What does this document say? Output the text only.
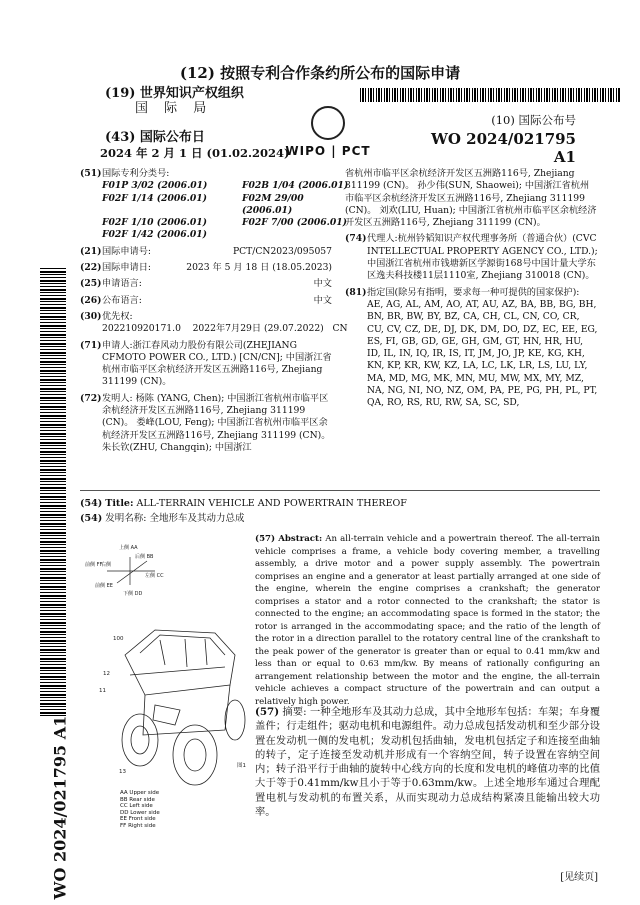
(12) 按照专利合作条约所公布的国际申请
(19) 世界知识产权组织
国 际 局
WIPO | PCT
(43) 国际公布日
2024 年 2 月 1 日 (01.02.2024)
(10) 国际公布号
WO 2024/021795 A1
(51) 国际专利分类号:
F01P 3/02 (2006.01)	F02B 1/04 (2006.01)
F02F 1/14 (2006.01)	F02M 29/00 (2006.01)
F02F 1/10 (2006.01)	F02F 7/00 (2006.01)
F02F 1/42 (2006.01)
(21) 国际申请号:	PCT/CN2023/095057
(22) 国际申请日:	2023 年 5 月 18 日 (18.05.2023)
(25) 申请语言:	中文
(26) 公布语言:	中文
(30) 优先权:
202210920171.0    2022年7月29日 (29.07.2022)   CN
(71) 申请人:浙江春风动力股份有限公司(ZHEJIANG CFMOTO POWER CO., LTD.) [CN/CN]; 中国浙江省杭州市临平区余杭经济开发区五洲路116号, Zhejiang 311199 (CN)。
(72) 发明人: 杨陈 (YANG, Chen); 中国浙江省杭州市临平区余杭经济开发区五洲路116号, Zhejiang 311199 (CN)。 娄峰(LOU, Feng); 中国浙江省杭州市临平区余杭经济开发区五洲路116号, Zhejiang 311199 (CN)。 朱长钦(ZHU, Changqin); 中国浙江
省杭州市临平区余杭经济开发区五洲路116号, Zhejiang 311199 (CN)。 孙少伟(SUN, Shaowei); 中国浙江省杭州市临平区余杭经济开发区五洲路116号, Zhejiang 311199 (CN)。 刘欢(LIU, Huan); 中国浙江省杭州市临平区余杭经济开发区五洲路116号, Zhejiang 311199 (CN)。
(74) 代理人:杭州钤韬知识产权代理事务所（普通合伙）(CVC INTELLECTUAL PROPERTY AGENCY CO., LTD.); 中国浙江省杭州市钱塘新区学源街168号中国计量大学东区逸夫科技楼11层1110室, Zhejiang 310018 (CN)。
(81) 指定国(除另有指明，要求每一种可提供的国家保护): AE, AG, AL, AM, AO, AT, AU, AZ, BA, BB, BG, BH, BN, BR, BW, BY, BZ, CA, CH, CL, CN, CO, CR, CU, CV, CZ, DE, DJ, DK, DM, DO, DZ, EC, EE, EG, ES, FI, GB, GD, GE, GH, GM, GT, HN, HR, HU, ID, IL, IN, IQ, IR, IS, IT, JM, JO, JP, KE, KG, KH, KN, KP, KR, KW, KZ, LA, LC, LK, LR, LS, LU, LY, MA, MD, MG, MK, MN, MU, MW, MX, MY, MZ, NA, NG, NI, NO, NZ, OM, PA, PE, PG, PH, PL, PT, QA, RO, RS, RU, RW, SA, SC, SD,
(54) Title: ALL-TERRAIN VEHICLE AND POWERTRAIN THEREOF
(54) 发明名称: 全地形车及其动力总成
WO 2024/021795 A1
上侧 AA
后侧 BB
左侧 CC
前侧 FF
右侧
下侧 DD
前侧 EE
100
12
11
13
图1
AA Upper side
BB Rear side
CC Left side
DD Lower side
EE Front side
FF Right side
(57) Abstract: An all-terrain vehicle and a powertrain thereof. The all-terrain vehicle comprises a frame, a vehicle body covering member, a travelling assembly, a drive motor and a power supply assembly. The powertrain comprises an engine and a generator at least partially arranged at one side of the engine, wherein the engine comprises a crankshaft; the generator comprises a stator and a rotor connected to the crankshaft; the stator is connected to the engine; an accommodating space is formed in the stator; the rotor is arranged in the accommodating space; and the ratio of the length of the rotor in a direction parallel to the rotatory central line of the crankshaft to the peak power of the generator is greater than or equal to 0.41 mm/kw and less than or equal to 0.63 mm/kw. By means of rationally configuring an arrangement relationship between the motor and the engine, the all-terrain vehicle achieves a compact structure of the powertrain and can output a relatively high power.
(57) 摘要: 一种全地形车及其动力总成，其中全地形车包括：车架；车身覆盖件；行走组件；驱动电机和电源组件。动力总成包括发动机和至少部分设置在发动机一侧的发电机；发动机包括曲轴，发电机包括定子和连接至曲轴的转子，定子连接至发动机并形成有一个容纳空间，转子设置在容纳空间内；转子沿平行于曲轴的旋转中心线方向的长度和发电机的峰值功率的比值大于等于0.41mm/kw且小于等于0.63mm/kw。上述全地形车通过合理配置电机与发动机的布置关系，从而实现动力总成结构紧凑且能输出较大功率。
[见续页]
